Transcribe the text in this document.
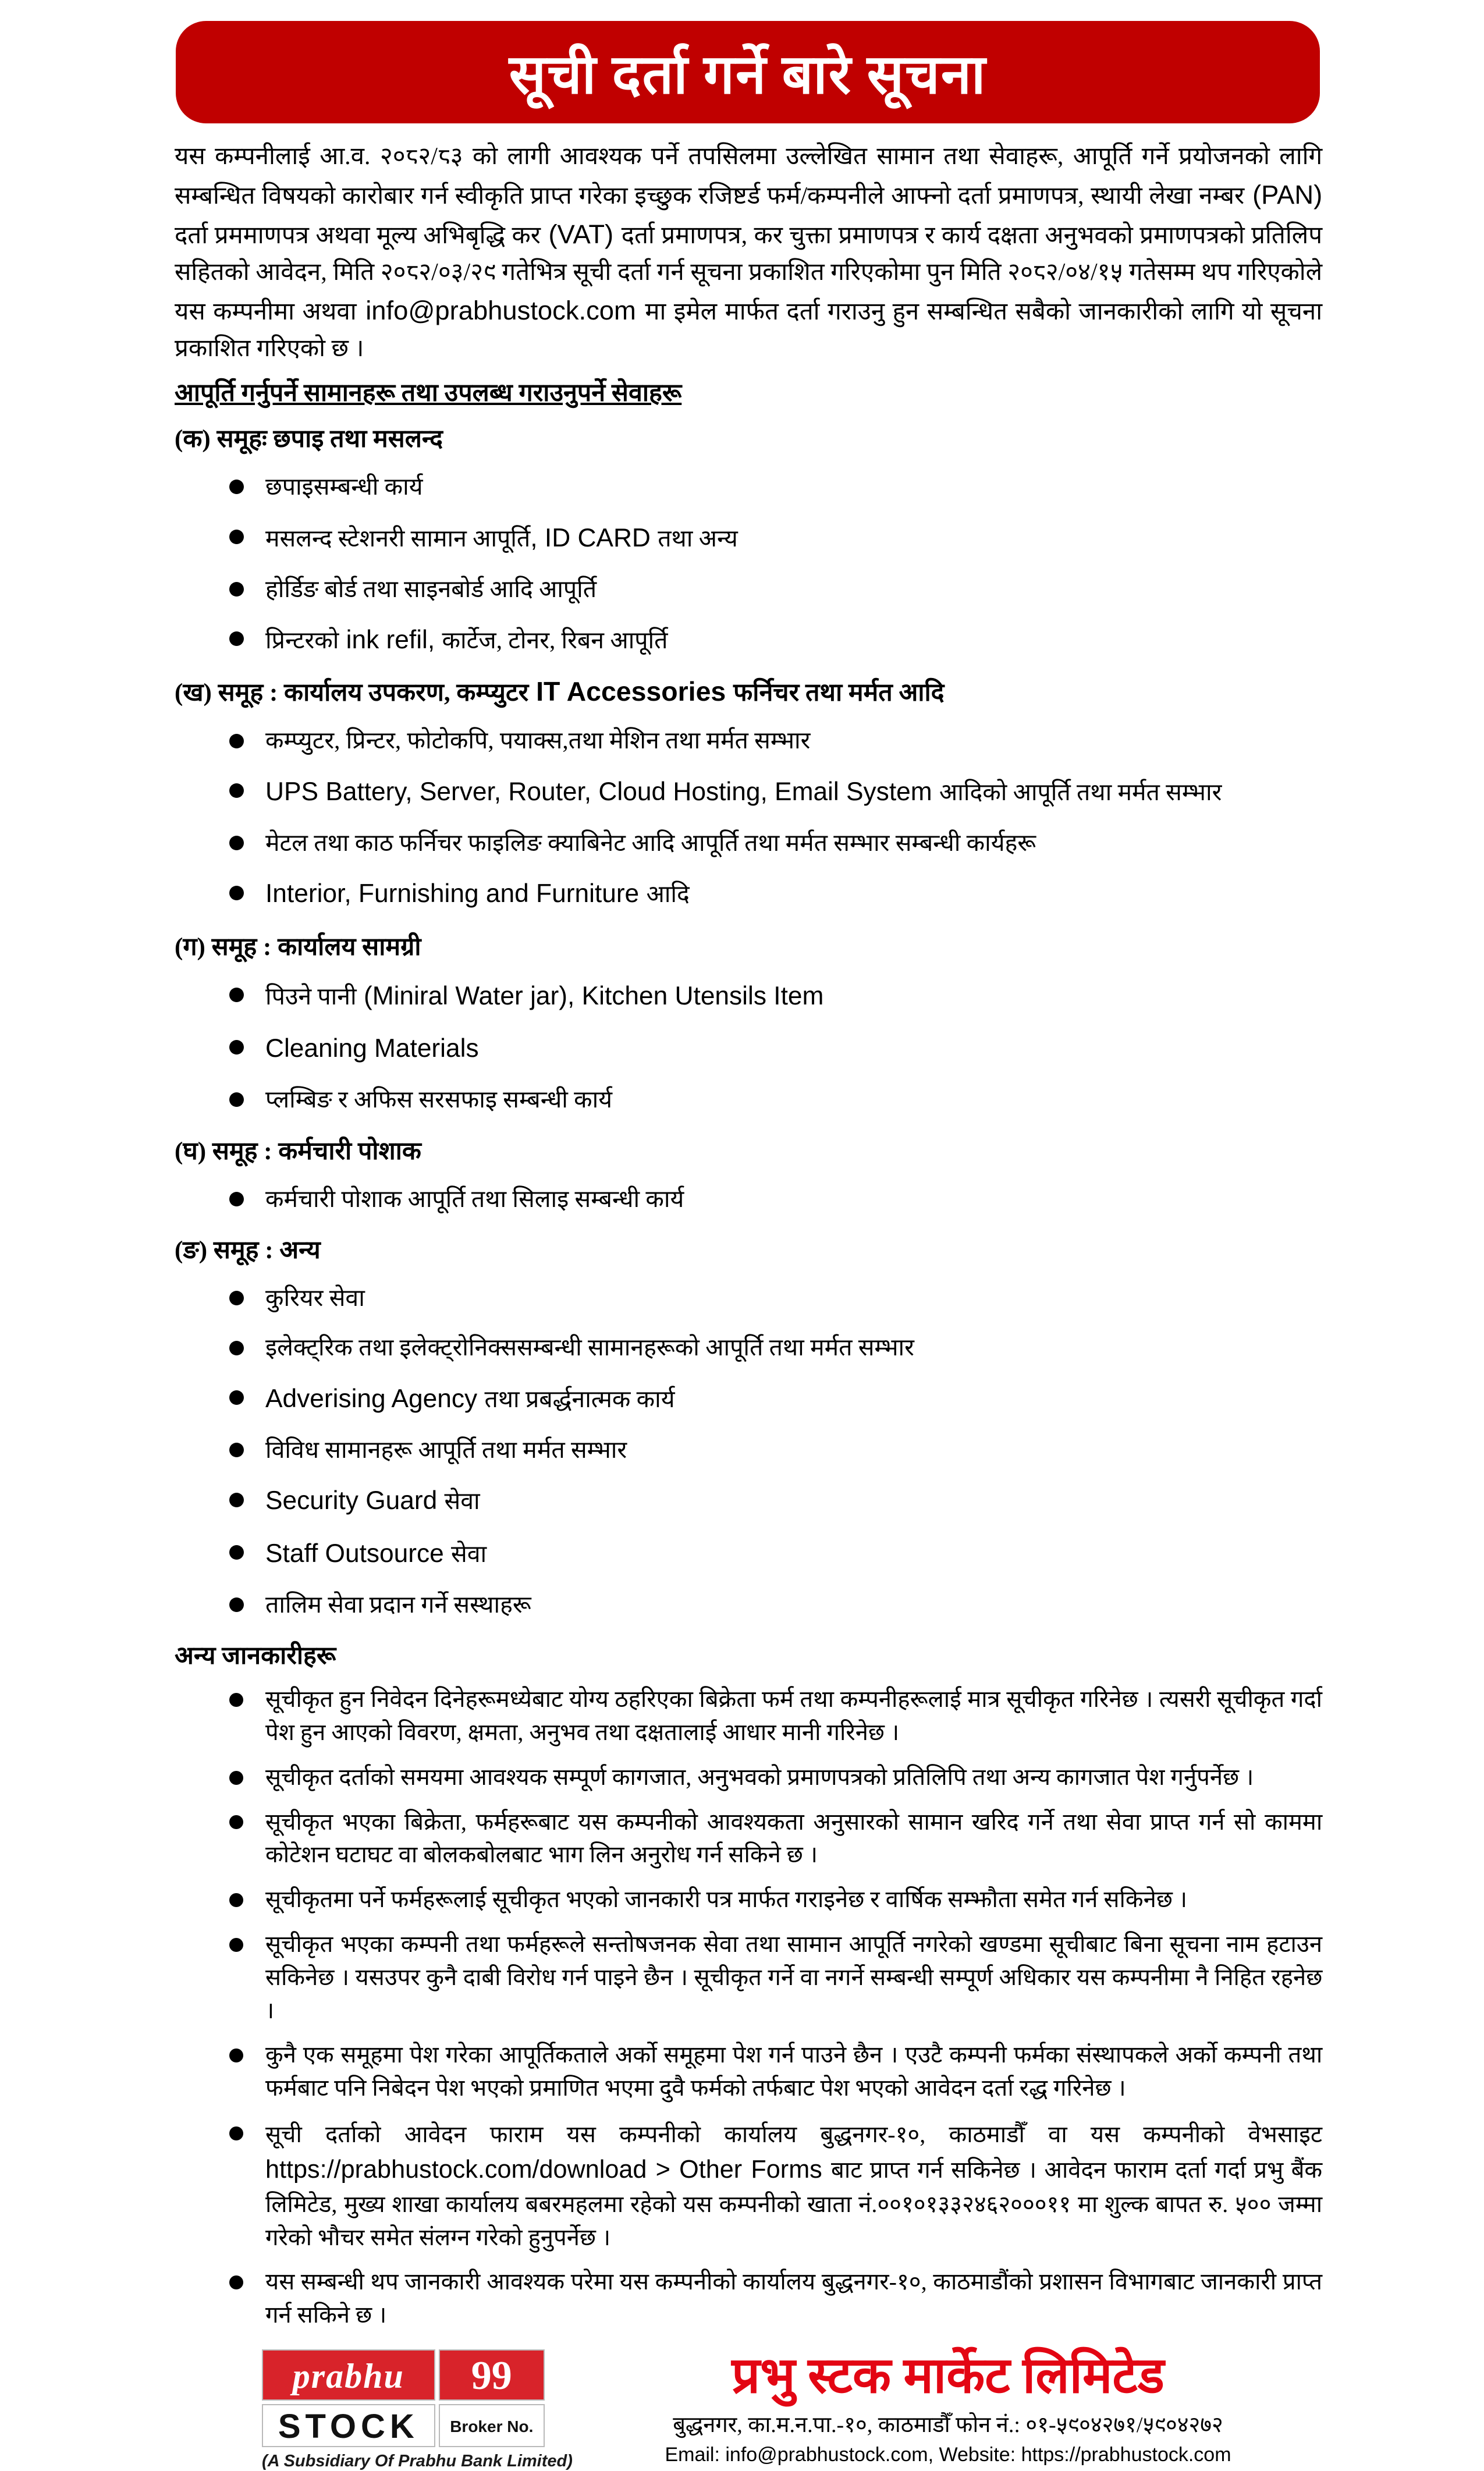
सूची दर्ता गर्ने बारे सूचना

यस कम्पनीलाई आ.व. २०८२/८३ को लागी आवश्यक पर्ने तपसिलमा उल्लेखित सामान तथा सेवाहरू, आपूर्ति गर्ने प्रयोजनको लागि सम्बन्धित विषयको कारोबार गर्न स्वीकृति प्राप्त गरेका इच्छुक रजिष्टर्ड फर्म/कम्पनीले आफ्नो दर्ता प्रमाणपत्र, स्थायी लेखा नम्बर (PAN) दर्ता प्रममाणपत्र अथवा मूल्य अभिबृद्धि कर (VAT) दर्ता प्रमाणपत्र, कर चुक्ता प्रमाणपत्र र कार्य दक्षता अनुभवको प्रमाणपत्रको प्रतिलिप सहितको आवेदन, मिति २०८२/०३/२९ गतेभित्र सूची दर्ता गर्न सूचना प्रकाशित गरिएकोमा पुन मिति २०८२/०४/१५ गतेसम्म थप गरिएकोले यस कम्पनीमा अथवा info@prabhustock.com मा इमेल मार्फत दर्ता गराउनु हुन सम्बन्धित सबैको जानकारीको लागि यो सूचना प्रकाशित गरिएको छ ।

आपूर्ति गर्नुपर्ने सामानहरू तथा उपलब्ध गराउनुपर्ने सेवाहरू
(क) समूहः छपाइ तथा मसलन्द
छपाइसम्बन्धी कार्य
मसलन्द स्टेशनरी सामान आपूर्ति, ID CARD तथा अन्य
होर्डिङ बोर्ड तथा साइनबोर्ड आदि आपूर्ति
प्रिन्टरको ink refil, कार्टेज, टोनर, रिबन आपूर्ति
(ख) समूह : कार्यालय उपकरण, कम्प्युटर IT Accessories फर्निचर तथा मर्मत आदि
कम्प्युटर, प्रिन्टर, फोटोकपि, पयाक्स,तथा मेशिन तथा मर्मत सम्भार
UPS Battery, Server, Router, Cloud Hosting, Email System आदिको आपूर्ति तथा मर्मत सम्भार
मेटल तथा काठ फर्निचर फाइलिङ क्याबिनेट आदि आपूर्ति तथा मर्मत सम्भार सम्बन्धी कार्यहरू
Interior, Furnishing and Furniture आदि
(ग) समूह : कार्यालय सामग्री
पिउने पानी (Miniral Water jar), Kitchen Utensils Item
Cleaning Materials
प्लम्बिङ र अफिस सरसफाइ सम्बन्धी कार्य
(घ) समूह : कर्मचारी पोशाक
कर्मचारी पोशाक आपूर्ति तथा सिलाइ सम्बन्धी कार्य
(ङ) समूह : अन्य
कुरियर सेवा
इलेक्ट्रिक तथा इलेक्ट्रोनिक्ससम्बन्धी सामानहरूको आपूर्ति तथा मर्मत सम्भार
Adverising Agency तथा प्रबर्द्धनात्मक कार्य
विविध सामानहरू आपूर्ति तथा मर्मत सम्भार
Security Guard सेवा
Staff Outsource सेवा
तालिम सेवा प्रदान गर्ने सस्थाहरू
अन्य जानकारीहरू
सूचीकृत हुन निवेदन दिनेहरूमध्येबाट योग्य ठहरिएका बिक्रेता फर्म तथा कम्पनीहरूलाई मात्र सूचीकृत गरिनेछ । त्यसरी सूचीकृत गर्दा पेश हुन आएको विवरण, क्षमता, अनुभव तथा दक्षतालाई आधार मानी गरिनेछ ।
सूचीकृत दर्ताको समयमा आवश्यक सम्पूर्ण कागजात, अनुभवको प्रमाणपत्रको प्रतिलिपि तथा अन्य कागजात पेश गर्नुपर्नेछ ।
सूचीकृत भएका बिक्रेता, फर्महरूबाट यस कम्पनीको आवश्यकता अनुसारको सामान खरिद गर्ने तथा सेवा प्राप्त गर्न सो काममा कोटेशन घटाघट वा बोलकबोलबाट भाग लिन अनुरोध गर्न सकिने छ ।
सूचीकृतमा पर्ने फर्महरूलाई सूचीकृत भएको जानकारी पत्र मार्फत गराइनेछ र वार्षिक सम्झौता समेत गर्न सकिनेछ ।
सूचीकृत भएका कम्पनी तथा फर्महरूले सन्तोषजनक सेवा तथा सामान आपूर्ति नगरेको खण्डमा सूचीबाट बिना सूचना नाम हटाउन सकिनेछ । यसउपर कुनै दाबी विरोध गर्न पाइने छैन । सूचीकृत गर्ने वा नगर्ने सम्बन्धी सम्पूर्ण अधिकार यस कम्पनीमा नै निहित रहनेछ ।
कुनै एक समूहमा पेश गरेका आपूर्तिकताले अर्को समूहमा पेश गर्न पाउने छैन । एउटै कम्पनी फर्मका संस्थापकले अर्को कम्पनी तथा फर्मबाट पनि निबेदन पेश भएको प्रमाणित भएमा दुवै फर्मको तर्फबाट पेश भएको आवेदन दर्ता रद्ध गरिनेछ ।
सूची दर्ताको आवेदन फाराम यस कम्पनीको कार्यालय बुद्धनगर-१०, काठमाडौँ वा यस कम्पनीको वेभसाइट https://prabhustock.com/download > Other Forms बाट प्राप्त गर्न सकिनेछ । आवेदन फाराम दर्ता गर्दा प्रभु बैंक लिमिटेड, मुख्य शाखा कार्यालय बबरमहलमा रहेको यस कम्पनीको खाता नं.००१०१३३२४६२०००११ मा शुल्क बापत रु. ५०० जम्मा गरेको भौचर समेत संलग्न गरेको हुनुपर्नेछ ।
यस सम्बन्धी थप जानकारी आवश्यक परेमा यस कम्पनीको कार्यालय बुद्धनगर-१०, काठमाडौंको प्रशासन विभागबाट जानकारी प्राप्त गर्न सकिने छ ।
prabhu	99
STOCK	Broker No.
(A Subsidiary Of Prabhu Bank Limited)
प्रभु स्टक मार्केट लिमिटेड
बुद्धनगर, का.म.न.पा.-१०, काठमाडौँ फोन नं.: ०१-५९०४२७१/५९०४२७२
Email: info@prabhustock.com, Website: https://prabhustock.com
